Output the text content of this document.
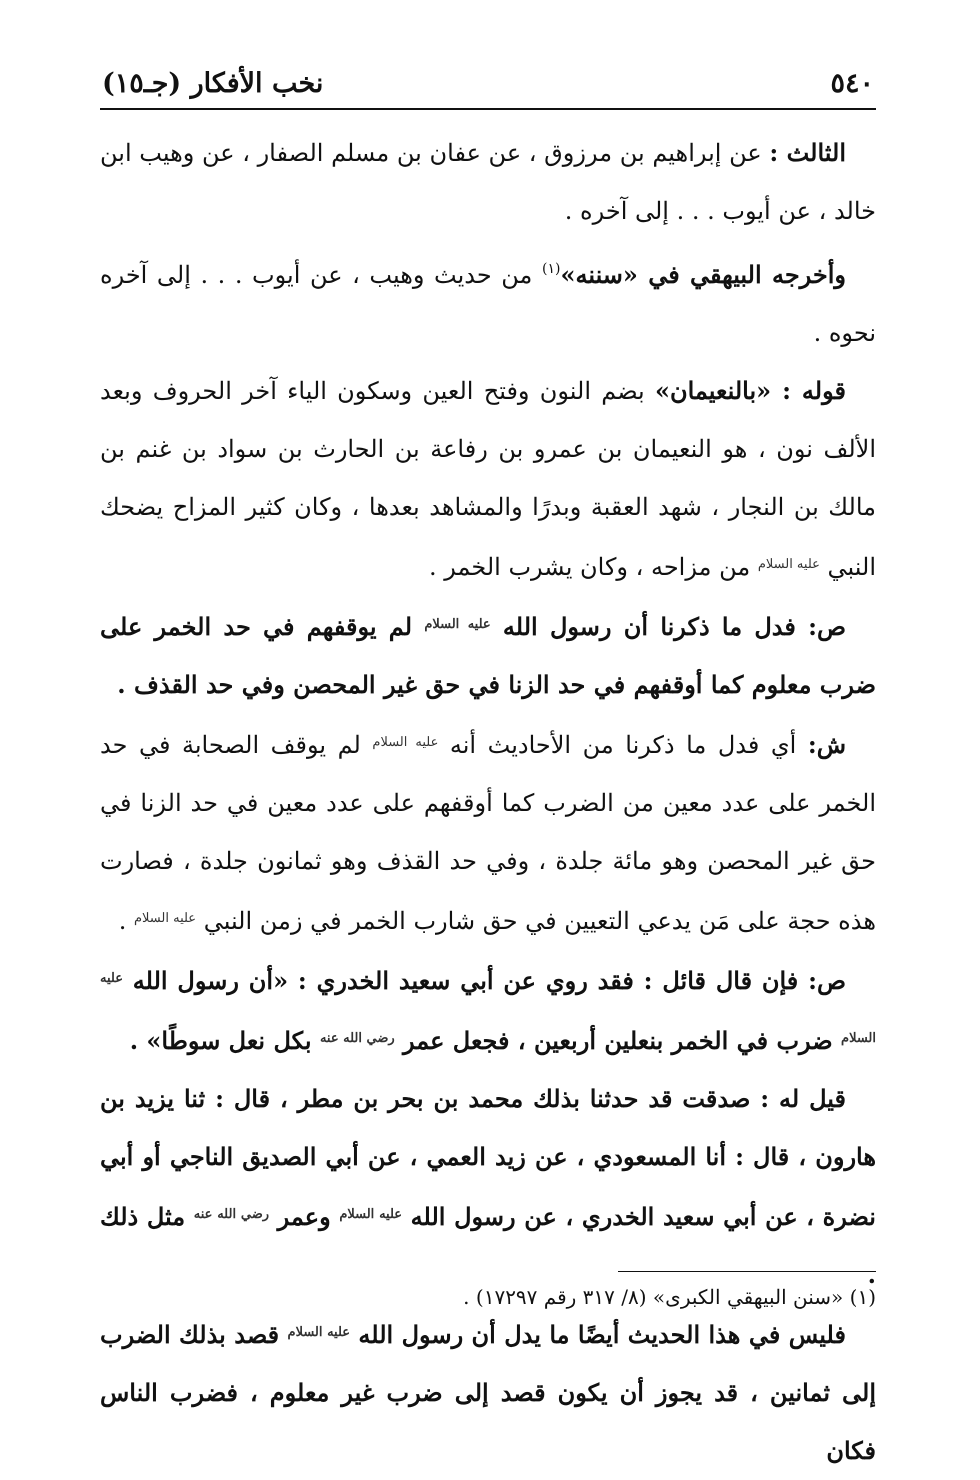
٥٤٠
نخب الأفكار (جـ١٥)

الثالث : عن إبراهيم بن مرزوق ، عن عفان بن مسلم الصفار ، عن وهيب ابن خالد ، عن أيوب . . . إلى آخره .

وأخرجه البيهقي في «سننه»$^{(١)}$ من حديث وهيب ، عن أيوب . . . إلى آخره نحوه .

قوله : «بالنعيمان» بضم النون وفتح العين وسكون الياء آخر الحروف وبعد الألف نون ، هو النعيمان بن عمرو بن رفاعة بن الحارث بن سواد بن غنم بن مالك بن النجار ، شهد العقبة وبدرًا والمشاهد بعدها ، وكان كثير المزاح يضحك النبي $^{عليه السلام}$ من مزاحه ، وكان يشرب الخمر .

ص: فدل ما ذكرنا أن رسول الله $^{عليه السلام}$ لم يوقفهم في حد الخمر على ضرب معلوم كما أوقفهم في حد الزنا في حق غير المحصن وفي حد القذف .

ش: أي فدل ما ذكرنا من الأحاديث أنه $^{عليه السلام}$ لم يوقف الصحابة في حد الخمر على عدد معين من الضرب كما أوقفهم على عدد معين في حد الزنا في حق غير المحصن وهو مائة جلدة ، وفي حد القذف وهو ثمانون جلدة ، فصارت هذه حجة على مَن يدعي التعيين في حق شارب الخمر في زمن النبي $^{عليه السلام}$ .

ص: فإن قال قائل : فقد روي عن أبي سعيد الخدري : «أن رسول الله $^{عليه السلام}$ ضرب في الخمر بنعلين أربعين ، فجعل عمر $^{رضي الله عنه}$ بكل نعل سوطًا» .

قيل له : صدقت قد حدثنا بذلك محمد بن بحر بن مطر ، قال : ثنا يزيد بن هارون ، قال : أنا المسعودي ، عن زيد العمي ، عن أبي الصديق الناجي أو أبي نضرة ، عن أبي سعيد الخدري ، عن رسول الله $^{عليه السلام}$ وعمر $^{رضي الله عنه}$ مثل ذلك .

فليس في هذا الحديث أيضًا ما يدل أن رسول الله $^{عليه السلام}$ قصد بذلك الضرب إلى ثمانين ، قد يجوز أن يكون قصد إلى ضرب غير معلوم ، فضرب الناس فكان

(١) «سنن البيهقي الكبرى» (٨/ ٣١٧ رقم ١٧٢٩٧) .
